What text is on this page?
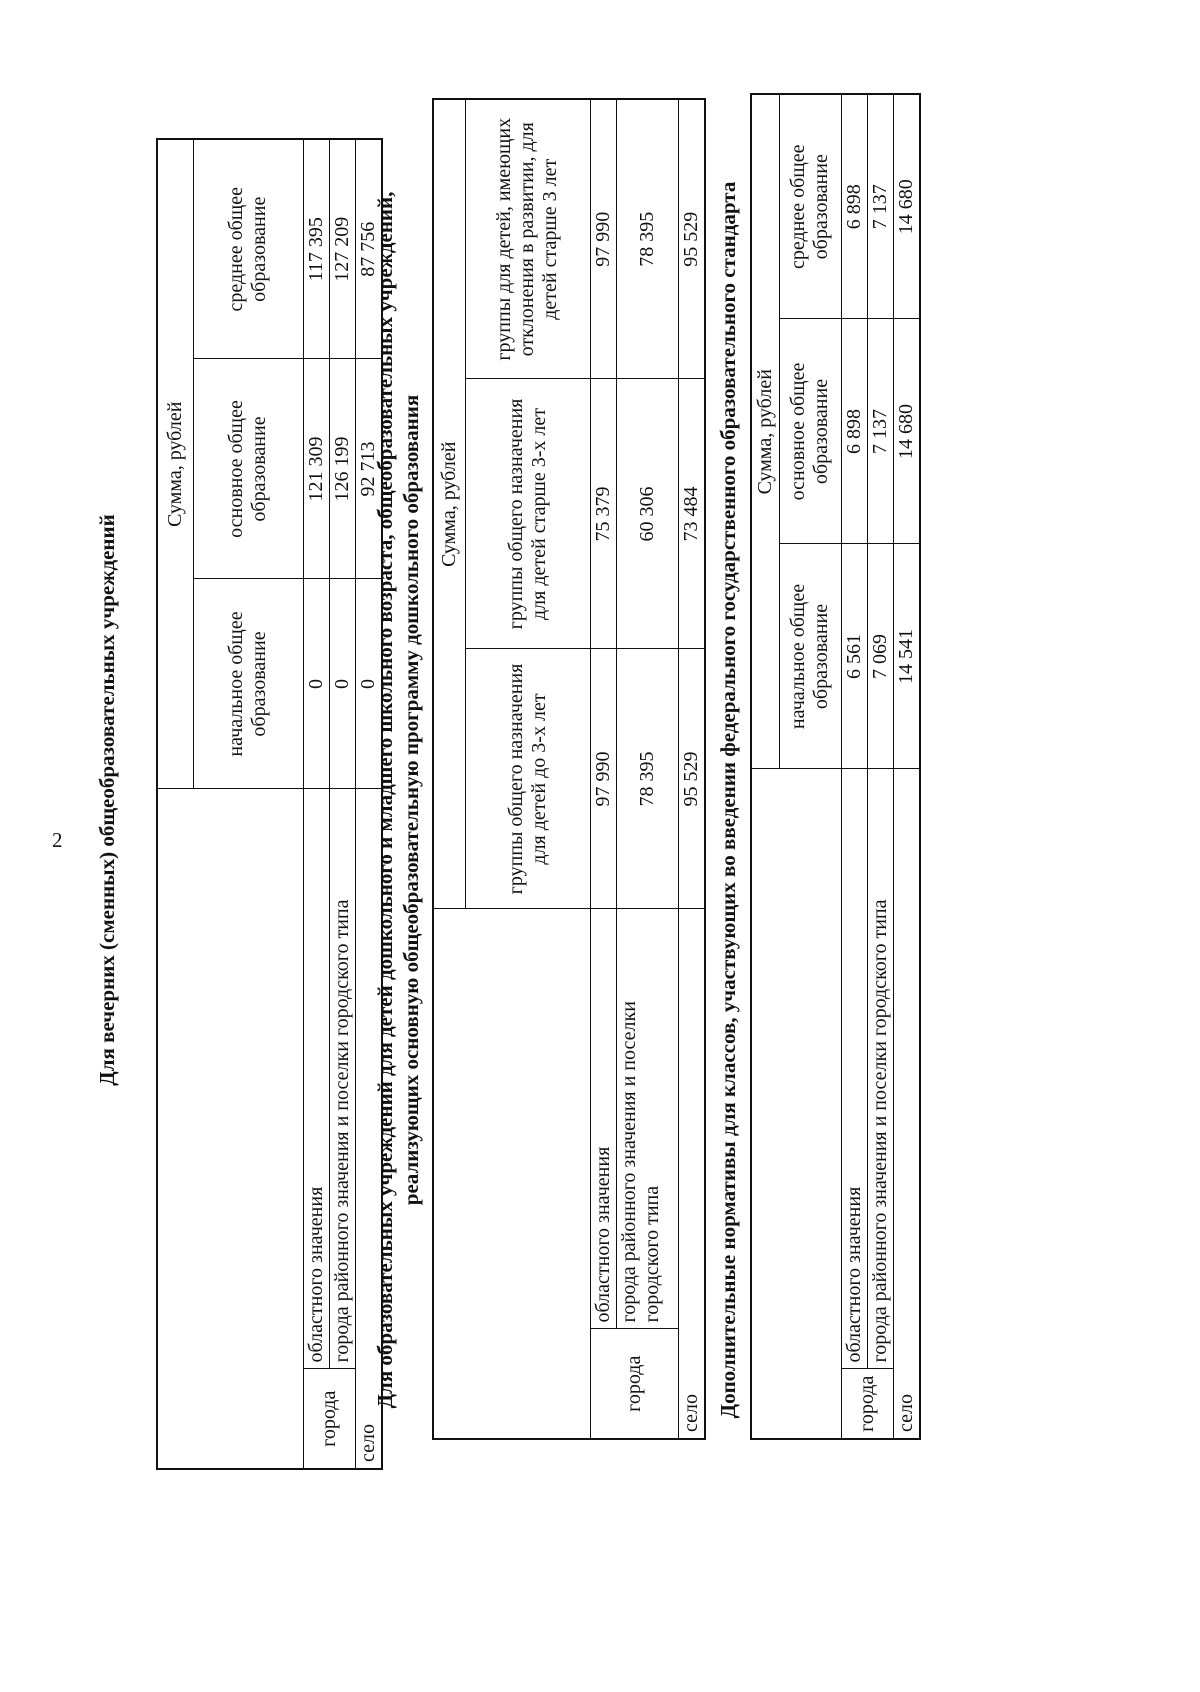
2 Для вечерних (сменных) общеобразовательных учреждений
		Сумма, рублей		
		начальное общее образование	основное общее образование	среднее общее образование
города	областного значения	0	121 309	117 395
	города районного значения и поселки городского типа	0	126 199	127 209
село		0	92 713	87 756
Для образовательных учреждений для детей дошкольного и младшего школьного возраста, общеобразовательных учреждений, реализующих основную общеобразовательную программу дошкольного образования
		Сумма, рублей		
		группы общего назначения для детей до 3-х лет	группы общего назначения для детей старше 3-х лет	группы для детей, имеющих отклонения в развитии, для детей старше 3 лет
города	областного значения	97 990	75 379	97 990
	города районного значения и поселки городского типа	78 395	60 306	78 395
село		95 529	73 484	95 529 Дополнительные нормативы для классов, участвующих во введении федерального государственного образовательного стандарта
		Сумма, рублей		
		начальное общее образование	основное общее образование	среднее общее образование
города	областного значения	6 561	6 898	6 898
	города районного значения и поселки городского типа	7 069	7 137	7 137
село		14 541	14 680	14 680
